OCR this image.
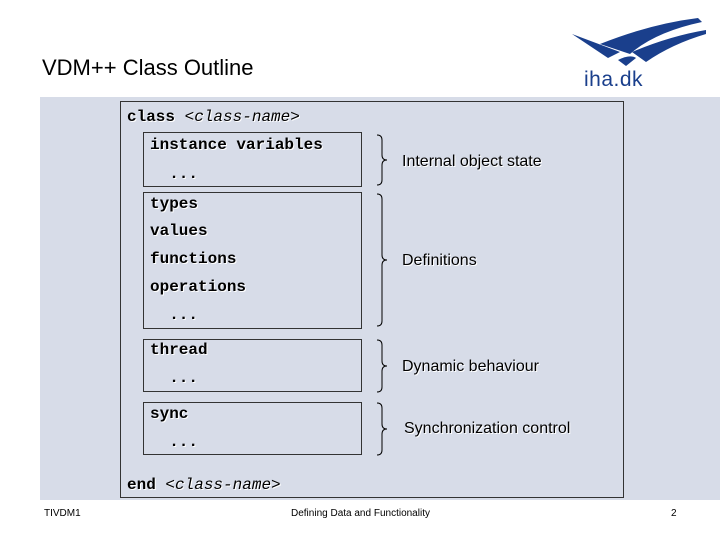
VDM++ Class Outline	iha.dk
class <class-name>
instance variables
...
types
values
functions
operations
...
thread
...
sync
...
end <class-name>
Internal object state
Definitions
Dynamic behaviour
Synchronization control
TIVDM1	Defining Data and Functionality	2
